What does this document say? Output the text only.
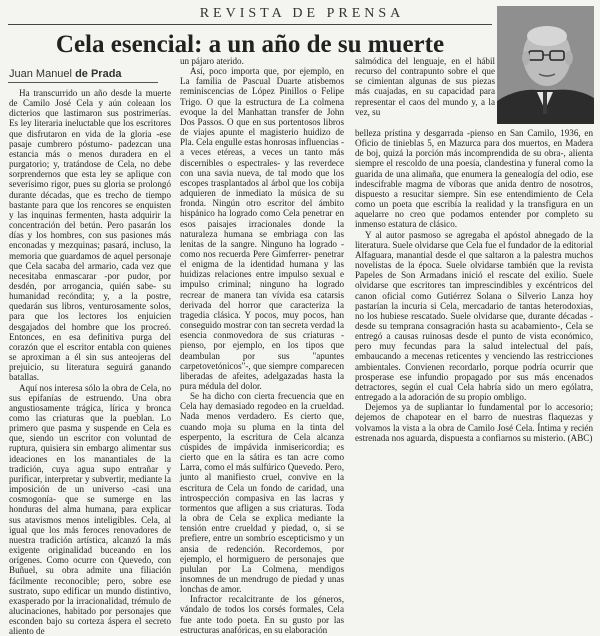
REVISTA DE PRENSA
Cela esencial: a un año de su muerte
Juan Manuel de Prada

Ha transcurrido un año desde la muerte de Camilo José Cela y aún coleaan los dicterios que lastimaron sus postrimerías. Es ley literaria ineluctable que los escritores que disfrutaron en vida de la gloria -ese pasaje cumbrero póstumo- padezcan una estancia más o menos duradera en el purgatorio; y, tratándose de Cela, no debe sorprendernos que esta ley se aplique con severísimo rigor, pues su gloria se prolongó durante décadas, que es trecho de tiempo bastante para que los rencores se enquisten y las inquinas fermenten, hasta adquirir la concentración del betún. Pero pasarán los días y los hombres, con sus pasiones más enconadas y mezquinas; pasará, incluso, la memoria que guardamos de aquel personaje que Cela sacaba del armario, cada vez que necesitaba enmascarar -por pudor, por desdén, por arrogancia, quién sabe- su humanidad recóndita; y, a la postre, quedarán sus libros, venturosamente solos, para que los lectores los enjuicien desgajados del hombre que los procreó. Entonces, en esa definitiva purga del corazón que el escritor entabla con quienes se aproximan a él sin sus anteojeras del prejuicio, su literatura seguirá ganando batallas.

Aquí nos interesa sólo la obra de Cela, no sus epifanías de estruendo. Una obra angustiosamente trágica, lírica y bronca como las criaturas que la pueblan. Lo primero que pasma y suspende en Cela es que, siendo un escritor con voluntad de ruptura, quisiera sin embargo alimentar sus ideaciones en los manantiales de la tradición, cuya agua supo entrañar y purificar, interpretar y subvertir, mediante la imposición de un universo -casi una cosmogonía- que se sumerge en las honduras del alma humana, para explicar sus atavismos menos inteligibles. Cela, al igual que los más feroces renovadores de nuestra tradición artística, alcanzó la más exigente originalidad buceando en los orígenes. Como ocurre con Quevedo, con Buñuel, su obra admite una filiación fácilmente reconocible; pero, sobre ese sustrato, supo edificar un mundo distintivo, exasperado por la irracionalidad, trémulo de alucinaciones, habitado por personajes que esconden bajo su corteza áspera el secreto aliento de

un pájaro aterido.

Así, poco importa que, por ejemplo, en La familia de Pascual Duarte atisbemos reminiscencias de López Pinillos o Felipe Trigo. O que la estructura de La colmena evoque la del Manhattan transfer de John Dos Passos. O que en sus portentosos libros de viajes apunte el magisterio huidizo de Pla. Cela engulle estas honrosas influencias -a veces etéreas, a veces un tanto más discernibles o espectrales- y las reverdece con una savia nueva, de tal modo que los escopes trasplantados al árbol que los cobija adquieren de inmediato la música de su fronda. Ningún otro escritor del ámbito hispánico ha logrado como Cela penetrar en esos paisajes irracionales donde la naturaleza humana se embriaga con las lenitas de la sangre. Ninguno ha logrado -como nos recuerda Pere Gimferrer- penetrar el enigma de la identidad humana y las huidizas relaciones entre impulso sexual e impulso criminal; ninguno ha logrado recrear de manera tan vívida esa catarsis derivada del horror que caracteriza la tragedia clásica. Y pocos, muy pocos, han conseguido mostrar con tan secreta verdad la esencia conmovedora de sus criaturas -pienso, por ejemplo, en los tipos que deambulan por sus "apuntes carpetovetónicos"-, que siempre comparecen liberadas de afeites, adelgazadas hasta la pura médula del dolor.

Se ha dicho con cierta frecuencia que en Cela hay demasiado regodeo en la crueldad. Nada menos verdadero. Es cierto que, cuando moja su pluma en la tinta del esperpento, la escritura de Cela alcanza cúspides de impávida inmisericordia; es cierto que en la sátira es tan acre como Larra, como el más sulfúrico Quevedo. Pero, junto al manifiesto cruel, convive en la escritura de Cela un fondo de caridad, una introspección compasiva en las lacras y tormentos que afligen a sus criaturas. Toda la obra de Cela se explica mediante la tensión entre crueldad y piedad, o, si se prefiere, entre un sombrío escepticismo y un ansia de redención. Recordemos, por ejemplo, el hormiguero de personajes que pululan por La Colmena, mendigos insomnes de un mendrugo de piedad y unas lonchas de amor.

Infractor recalcitrante de los géneros, vándalo de todos los corsés formales, Cela fue ante todo poeta. En su gusto por las estructuras anafóricas, en su elaboración

salmódica del lenguaje, en el hábil recurso del contrapunto sobre el que se cimientan algunas de sus piezas más cuajadas, en su capacidad para representar el caos del mundo y, a la vez, su

belleza prístina y desgarrada -pienso en San Camilo, 1936, en Oficio de tinieblas 5, en Mazurca para dos muertos, en Madera de boj, quizá la porción más incomprendida de su obra-, alienta siempre el rescoldo de una poesía, clandestina y funeral como la guarida de una alimaña, que enumera la genealogía del odio, ese indescifrable magma de víboras que anida dentro de nosotros, dispuesto a resucitar siempre. Sin ese entendimiento de Cela como un poeta que escribía la realidad y la transfigura en un aquelarre no creo que podamos entender por completo su inmenso estatura de clásico.

Y al autor pasmoso se agregaba el apóstol abnegado de la literatura. Suele olvidarse que Cela fue el fundador de la editorial Alfaguara, manantial desde el que saltaron a la palestra muchos novelistas de la época. Suele olvidarse también que la revista Papeles de Son Armadans inició el rescate del exilio. Suele olvidarse que escritores tan imprescindibles y excéntricos del canon oficial como Gutiérrez Solana o Silverio Lanza hoy pastarían la incuria si Cela, mercadario de tantas heterodoxias, no los hubiese rescatado. Suele olvidarse que, durante décadas -desde su temprana consagración hasta su acabamiento-, Cela se entregó a causas ruinosas desde el punto de vista económico, pero muy fecundas para la salud intelectual del país, embaucando a mecenas reticentes y venciendo las restricciones ambientales. Convienen recordarlo, porque podría ocurrir que prosperase ese infundio propagado por sus más encenados detractores, según el cual Cela habría sido un mero ególatra, entregado a la adoración de su propio ombligo.

Dejemos ya de supliantar lo fundamental por lo accesorio; dejemos de chapotear en el barro de nuestras flaquezas y volvamos la vista a la obra de Camilo José Cela. Íntima y recién estrenada nos aguarda, dispuesta a confiarnos su misterio. (ABC)
